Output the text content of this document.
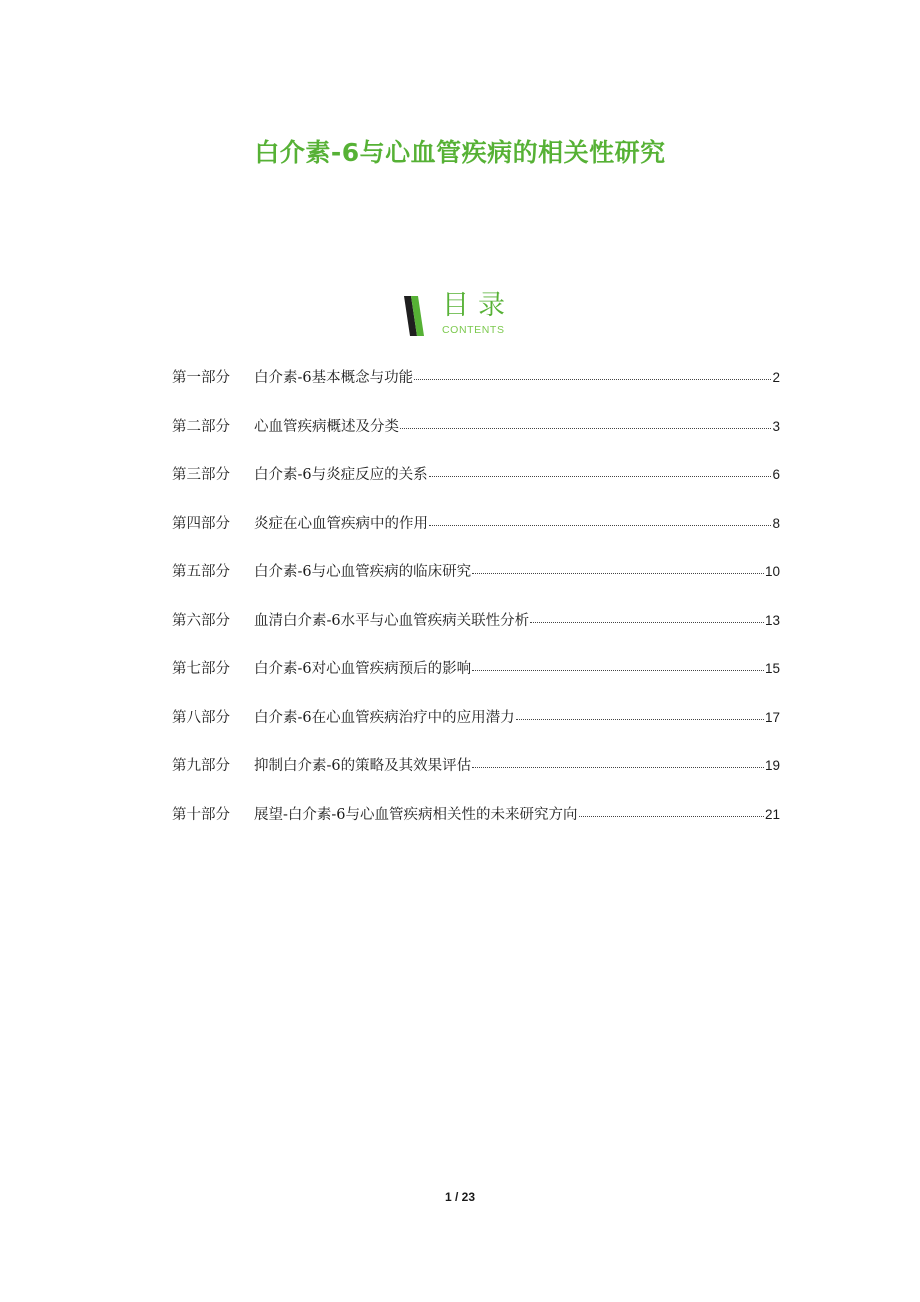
白介素-6与心血管疾病的相关性研究
目录
CONTENTS
第一部分	白介素-6基本概念与功能	2
第二部分	心血管疾病概述及分类	3
第三部分	白介素-6与炎症反应的关系	6
第四部分	炎症在心血管疾病中的作用	8
第五部分	白介素-6与心血管疾病的临床研究	10
第六部分	血清白介素-6水平与心血管疾病关联性分析	13
第七部分	白介素-6对心血管疾病预后的影响	15
第八部分	白介素-6在心血管疾病治疗中的应用潜力	17
第九部分	抑制白介素-6的策略及其效果评估	19
第十部分	展望-白介素-6与心血管疾病相关性的未来研究方向	21
1 / 23
